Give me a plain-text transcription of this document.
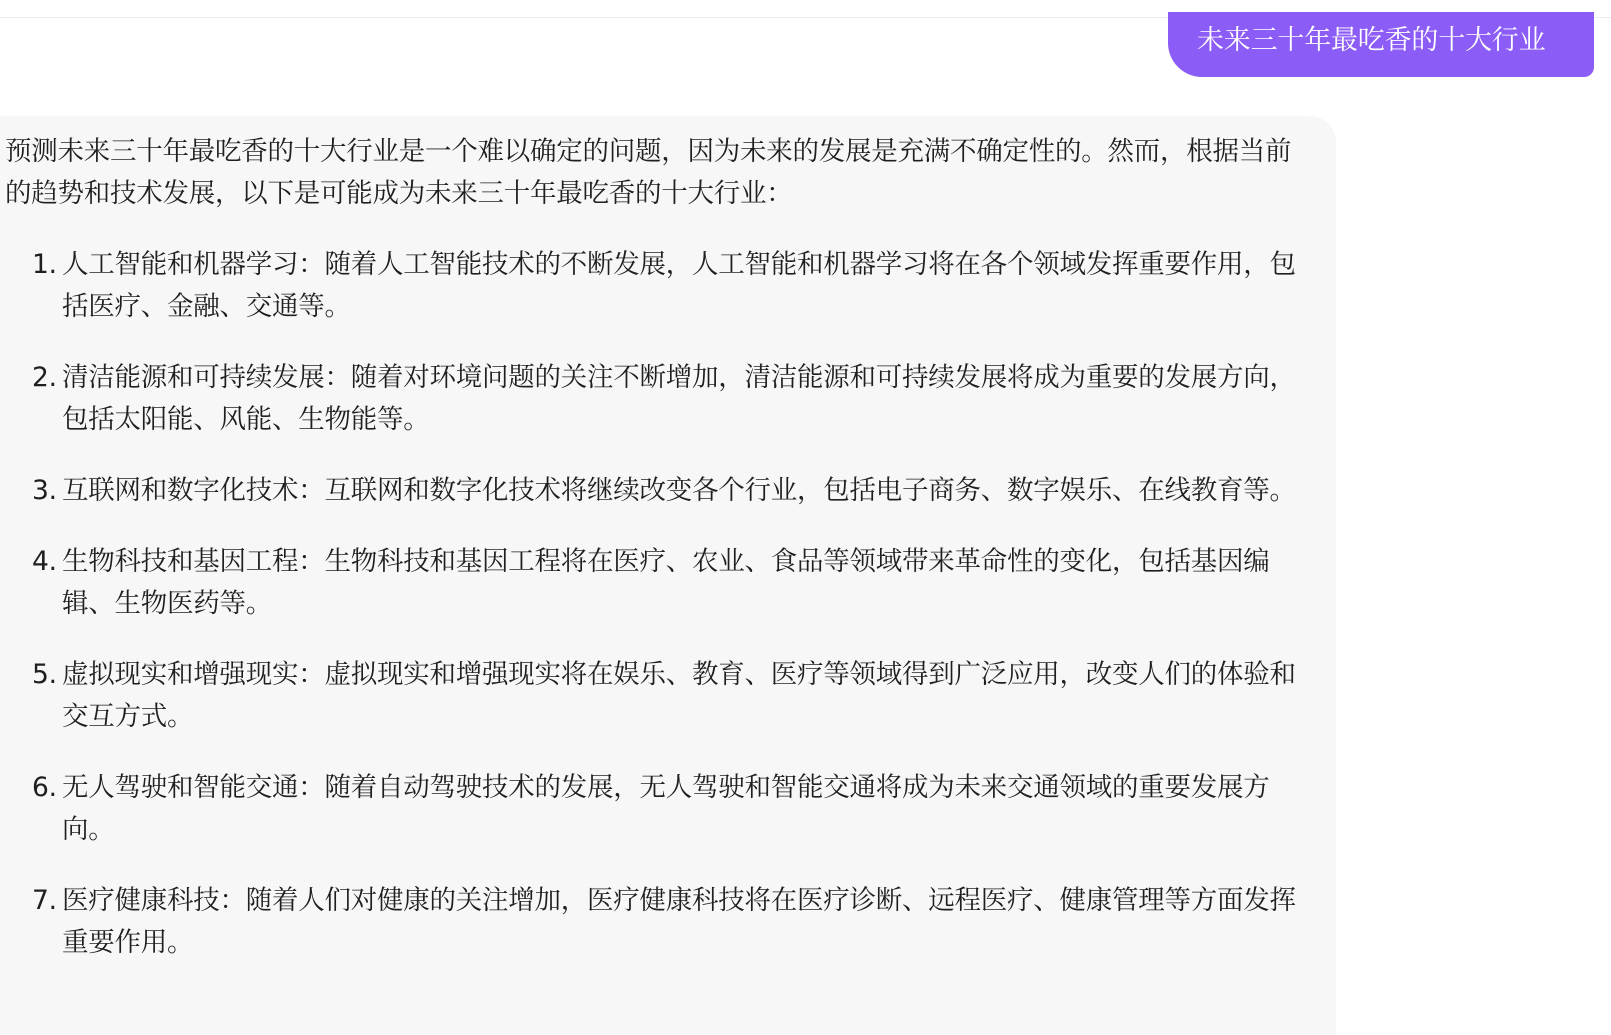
未来三十年最吃香的十大行业
预测未来三十年最吃香的十大行业是一个难以确定的问题，因为未来的发展是充满不确定性的。然而，根据当前的趋势和技术发展，以下是可能成为未来三十年最吃香的十大行业：
1. 人工智能和机器学习：随着人工智能技术的不断发展，人工智能和机器学习将在各个领域发挥重要作用，包括医疗、金融、交通等。
2. 清洁能源和可持续发展：随着对环境问题的关注不断增加，清洁能源和可持续发展将成为重要的发展方向，包括太阳能、风能、生物能等。
3. 互联网和数字化技术：互联网和数字化技术将继续改变各个行业，包括电子商务、数字娱乐、在线教育等。
4. 生物科技和基因工程：生物科技和基因工程将在医疗、农业、食品等领域带来革命性的变化，包括基因编辑、生物医药等。
5. 虚拟现实和增强现实：虚拟现实和增强现实将在娱乐、教育、医疗等领域得到广泛应用，改变人们的体验和交互方式。
6. 无人驾驶和智能交通：随着自动驾驶技术的发展，无人驾驶和智能交通将成为未来交通领域的重要发展方向。
7. 医疗健康科技：随着人们对健康的关注增加，医疗健康科技将在医疗诊断、远程医疗、健康管理等方面发挥重要作用。
